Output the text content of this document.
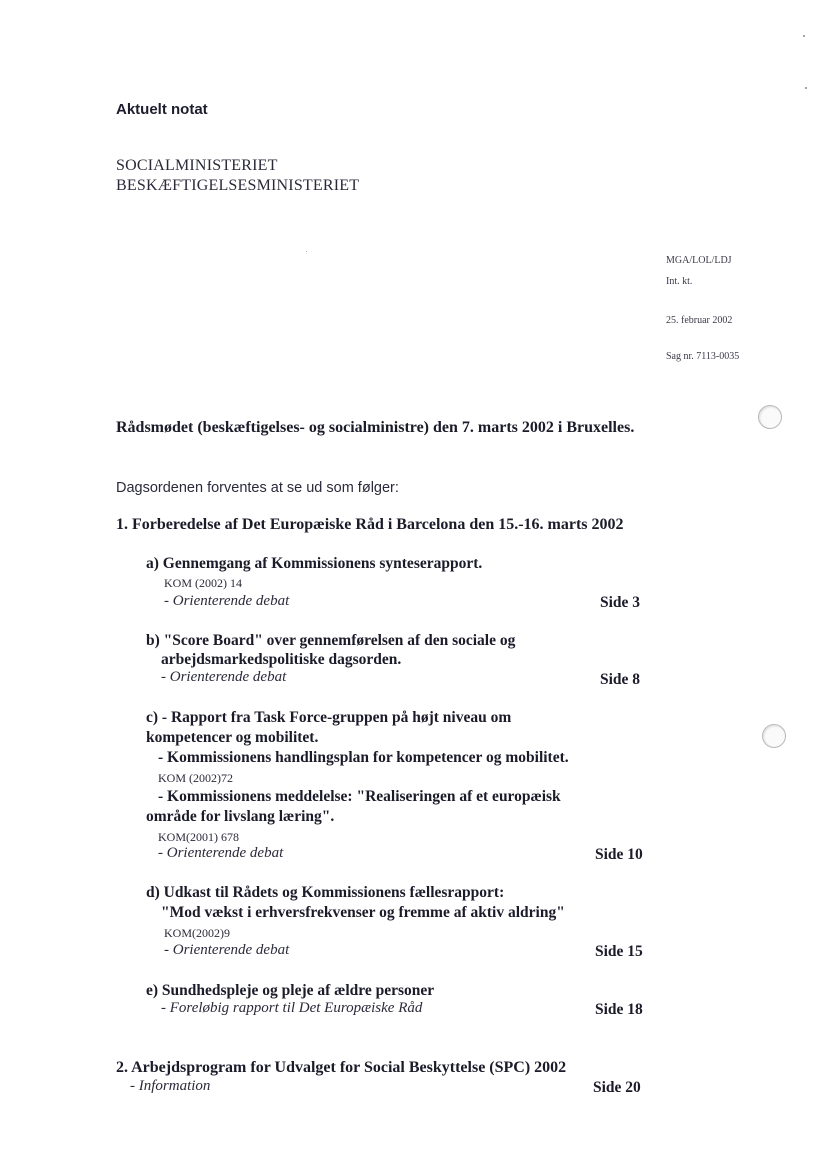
Aktuelt notat
SOCIALMINISTERIET
BESKÆFTIGELSESMINISTERIET
MGA/LOL/LDJ
Int. kt.
25. februar 2002
Sag nr. 7113-0035
Rådsmødet (beskæftigelses- og socialministre) den 7. marts 2002 i Bruxelles.
Dagsordenen forventes at se ud som følger:
1. Forberedelse af Det Europæiske Råd i Barcelona den 15.-16. marts 2002
a) Gennemgang af Kommissionens synteserapport.
KOM (2002) 14
- Orienterende debat	Side 3
b) "Score Board" over gennemførelsen af den sociale og
arbejdsmarkedspolitiske dagsorden.
- Orienterende debat	Side 8
c) - Rapport fra Task Force-gruppen på højt niveau om
kompetencer og mobilitet.
- Kommissionens handlingsplan for kompetencer og mobilitet.
KOM (2002)72
- Kommissionens meddelelse: "Realiseringen af et europæisk
område for livslang læring".
KOM(2001) 678
- Orienterende debat	Side 10
d) Udkast til Rådets og Kommissionens fællesrapport:
"Mod vækst i erhversfrekvenser og fremme af aktiv aldring"
KOM(2002)9
- Orienterende debat	Side 15
e) Sundhedspleje og pleje af ældre personer
- Foreløbig rapport til Det Europæiske Råd	Side 18
2. Arbejdsprogram for Udvalget for Social Beskyttelse (SPC) 2002
- Information	Side 20
